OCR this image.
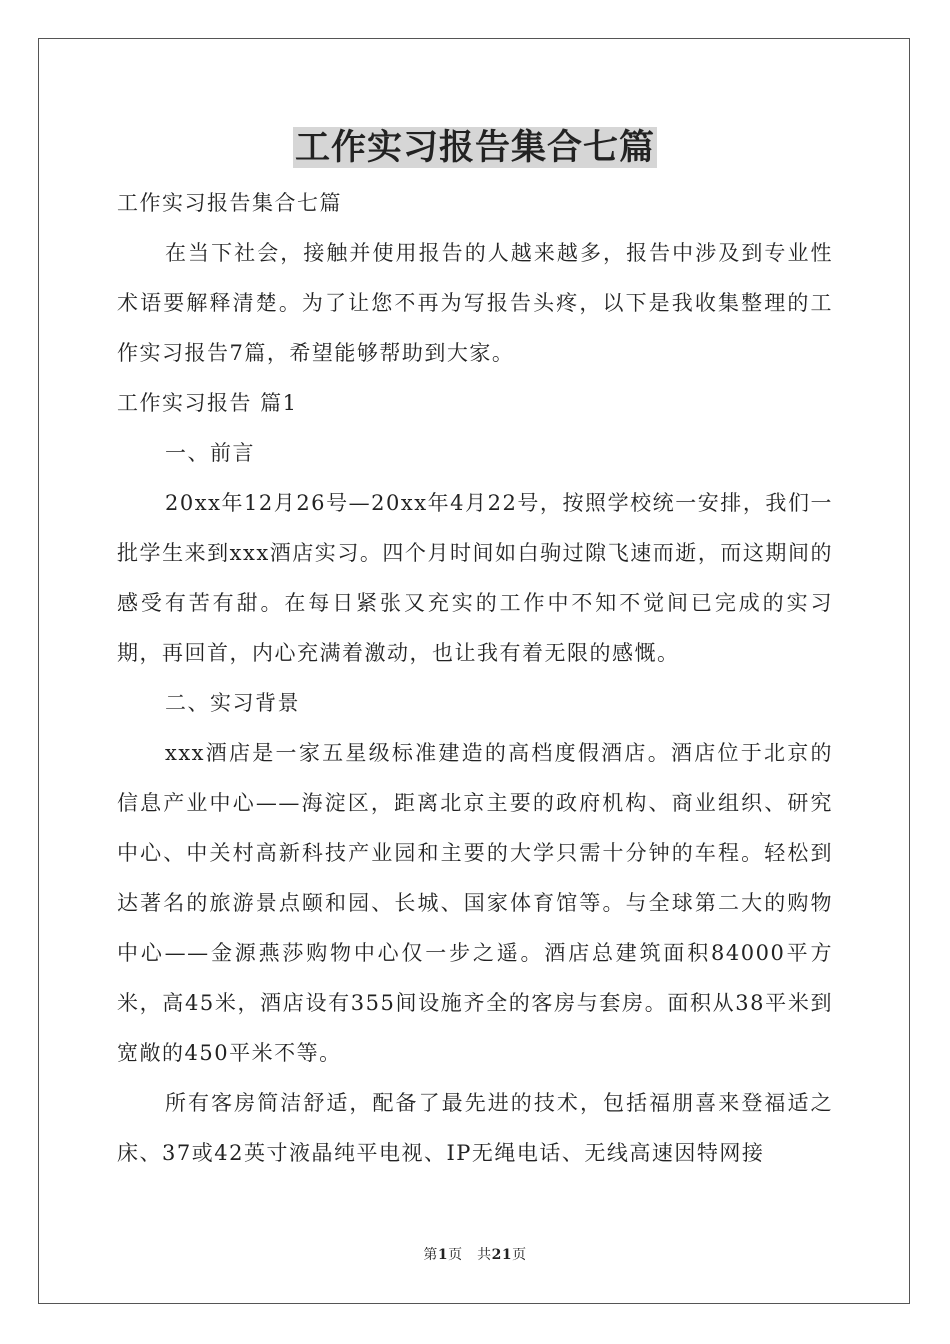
工作实习报告集合七篇

工作实习报告集合七篇

在当下社会，接触并使用报告的人越来越多，报告中涉及到专业性术语要解释清楚。为了让您不再为写报告头疼，以下是我收集整理的工作实习报告7篇，希望能够帮助到大家。

工作实习报告 篇1

一、前言

20xx年12月26号—20xx年4月22号，按照学校统一安排，我们一批学生来到xxx酒店实习。四个月时间如白驹过隙飞速而逝，而这期间的感受有苦有甜。在每日紧张又充实的工作中不知不觉间已完成的实习期，再回首，内心充满着激动，也让我有着无限的感慨。

二、实习背景

xxx酒店是一家五星级标准建造的高档度假酒店。酒店位于北京的信息产业中心——海淀区，距离北京主要的政府机构、商业组织、研究中心、中关村高新科技产业园和主要的大学只需十分钟的车程。轻松到达著名的旅游景点颐和园、长城、国家体育馆等。与全球第二大的购物中心——金源燕莎购物中心仅一步之遥。酒店总建筑面积84000平方米，高45米，酒店设有355间设施齐全的客房与套房。面积从38平米到宽敞的450平米不等。

所有客房简洁舒适，配备了最先进的技术，包括福朋喜来登福适之床、37或42英寸液晶纯平电视、IP无绳电话、无线高速因特网接

第1页　共21页
